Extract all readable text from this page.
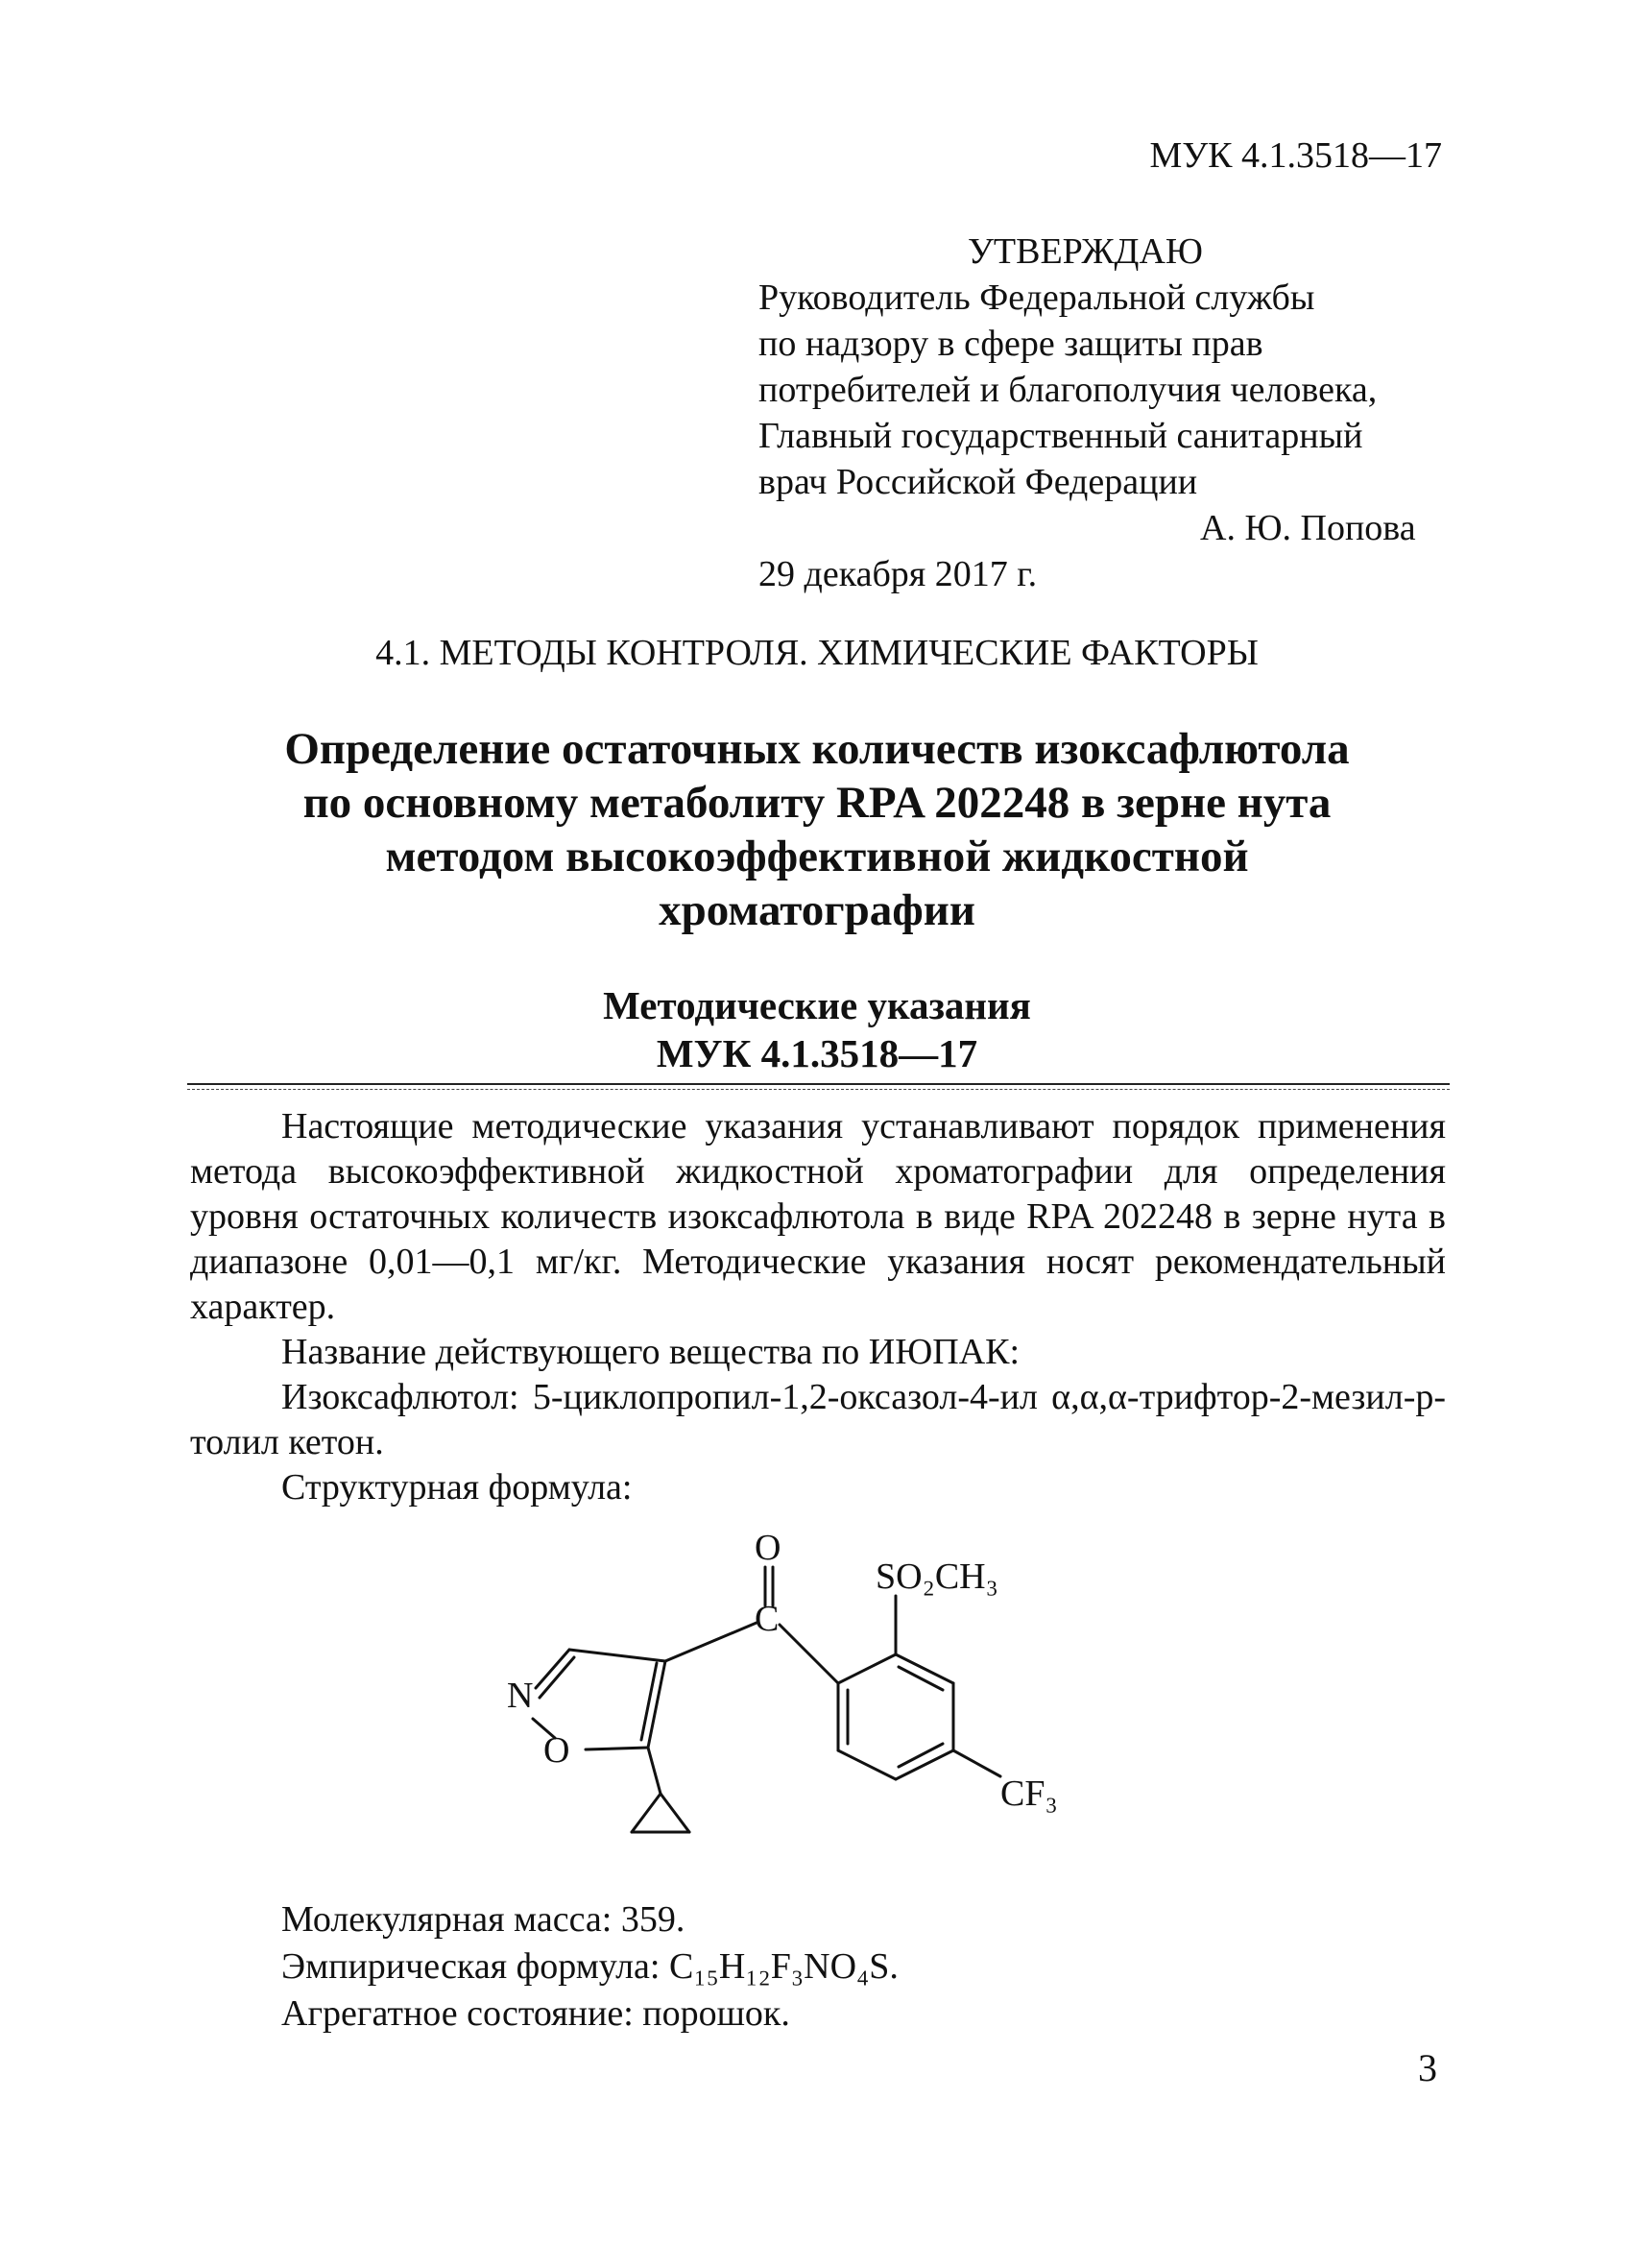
МУК 4.1.3518—17
УТВЕРЖДАЮ
Руководитель Федеральной службы
по надзору в сфере защиты прав
потребителей и благополучия человека,
Главный государственный санитарный
врач Российской Федерации
А. Ю. Попова
29 декабря 2017 г.
4.1. МЕТОДЫ КОНТРОЛЯ. ХИМИЧЕСКИЕ ФАКТОРЫ
Определение остаточных количеств изоксафлютола
по основному метаболиту RPA 202248 в зерне нута
методом высокоэффективной жидкостной
хроматографии
Методические указания
МУК 4.1.3518—17

Настоящие методические указания устанавливают порядок применения метода высокоэффективной жидкостной хроматографии для определения уровня остаточных количеств изоксафлютола в виде RPA 202248 в зерне нута в диапазоне 0,01—0,1 мг/кг. Методические указания носят рекомендательный характер.

Название действующего вещества по ИЮПАК:

Изоксафлютол: 5-циклопропил-1,2-оксазол-4-ил α,α,α-трифтор-2-мезил-р-толил кетон.

Структурная формула:

O
C
N
O
SO₂CH₃
CF₃
Молекулярная масса: 359.
Эмпирическая формула: C₁₅H₁₂F₃NO₄S.
Агрегатное состояние: порошок.
3
